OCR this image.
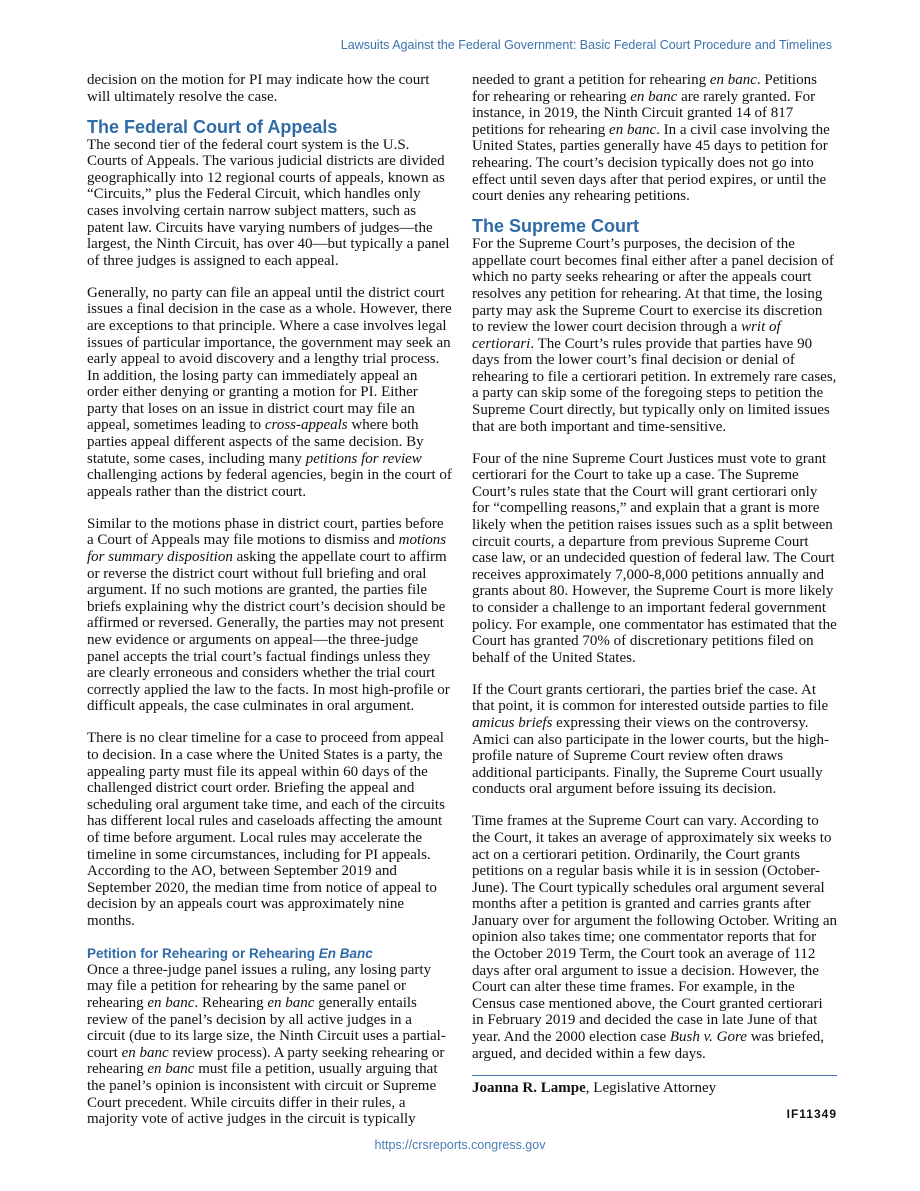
Lawsuits Against the Federal Government: Basic Federal Court Procedure and Timelines

decision on the motion for PI may indicate how the court will ultimately resolve the case.

The Federal Court of Appeals

The second tier of the federal court system is the U.S. Courts of Appeals. The various judicial districts are divided geographically into 12 regional courts of appeals, known as “Circuits,” plus the Federal Circuit, which handles only cases involving certain narrow subject matters, such as patent law. Circuits have varying numbers of judges—the largest, the Ninth Circuit, has over 40—but typically a panel of three judges is assigned to each appeal.

Generally, no party can file an appeal until the district court issues a final decision in the case as a whole. However, there are exceptions to that principle. Where a case involves legal issues of particular importance, the government may seek an early appeal to avoid discovery and a lengthy trial process. In addition, the losing party can immediately appeal an order either denying or granting a motion for PI. Either party that loses on an issue in district court may file an appeal, sometimes leading to cross-appeals where both parties appeal different aspects of the same decision. By statute, some cases, including many petitions for review challenging actions by federal agencies, begin in the court of appeals rather than the district court.

Similar to the motions phase in district court, parties before a Court of Appeals may file motions to dismiss and motions for summary disposition asking the appellate court to affirm or reverse the district court without full briefing and oral argument. If no such motions are granted, the parties file briefs explaining why the district court’s decision should be affirmed or reversed. Generally, the parties may not present new evidence or arguments on appeal—the three-judge panel accepts the trial court’s factual findings unless they are clearly erroneous and considers whether the trial court correctly applied the law to the facts. In most high-profile or difficult appeals, the case culminates in oral argument.

There is no clear timeline for a case to proceed from appeal to decision. In a case where the United States is a party, the appealing party must file its appeal within 60 days of the challenged district court order. Briefing the appeal and scheduling oral argument take time, and each of the circuits has different local rules and caseloads affecting the amount of time before argument. Local rules may accelerate the timeline in some circumstances, including for PI appeals. According to the AO, between September 2019 and September 2020, the median time from notice of appeal to decision by an appeals court was approximately nine months.

Petition for Rehearing or Rehearing En Banc

Once a three-judge panel issues a ruling, any losing party may file a petition for rehearing by the same panel or rehearing en banc. Rehearing en banc generally entails review of the panel’s decision by all active judges in a circuit (due to its large size, the Ninth Circuit uses a partial-court en banc review process). A party seeking rehearing or rehearing en banc must file a petition, usually arguing that the panel’s opinion is inconsistent with circuit or Supreme Court precedent. While circuits differ in their rules, a majority vote of active judges in the circuit is typically

needed to grant a petition for rehearing en banc. Petitions for rehearing or rehearing en banc are rarely granted. For instance, in 2019, the Ninth Circuit granted 14 of 817 petitions for rehearing en banc. In a civil case involving the United States, parties generally have 45 days to petition for rehearing. The court’s decision typically does not go into effect until seven days after that period expires, or until the court denies any rehearing petitions.

The Supreme Court

For the Supreme Court’s purposes, the decision of the appellate court becomes final either after a panel decision of which no party seeks rehearing or after the appeals court resolves any petition for rehearing. At that time, the losing party may ask the Supreme Court to exercise its discretion to review the lower court decision through a writ of certiorari. The Court’s rules provide that parties have 90 days from the lower court’s final decision or denial of rehearing to file a certiorari petition. In extremely rare cases, a party can skip some of the foregoing steps to petition the Supreme Court directly, but typically only on limited issues that are both important and time-sensitive.

Four of the nine Supreme Court Justices must vote to grant certiorari for the Court to take up a case. The Supreme Court’s rules state that the Court will grant certiorari only for “compelling reasons,” and explain that a grant is more likely when the petition raises issues such as a split between circuit courts, a departure from previous Supreme Court case law, or an undecided question of federal law. The Court receives approximately 7,000-8,000 petitions annually and grants about 80. However, the Supreme Court is more likely to consider a challenge to an important federal government policy. For example, one commentator has estimated that the Court has granted 70% of discretionary petitions filed on behalf of the United States.

If the Court grants certiorari, the parties brief the case. At that point, it is common for interested outside parties to file amicus briefs expressing their views on the controversy. Amici can also participate in the lower courts, but the high-profile nature of Supreme Court review often draws additional participants. Finally, the Supreme Court usually conducts oral argument before issuing its decision.

Time frames at the Supreme Court can vary. According to the Court, it takes an average of approximately six weeks to act on a certiorari petition. Ordinarily, the Court grants petitions on a regular basis while it is in session (October-June). The Court typically schedules oral argument several months after a petition is granted and carries grants after January over for argument the following October. Writing an opinion also takes time; one commentator reports that for the October 2019 Term, the Court took an average of 112 days after oral argument to issue a decision. However, the Court can alter these time frames. For example, in the Census case mentioned above, the Court granted certiorari in February 2019 and decided the case in late June of that year. And the 2000 election case Bush v. Gore was briefed, argued, and decided within a few days.

Joanna R. Lampe, Legislative Attorney
IF11349
https://crsreports.congress.gov
